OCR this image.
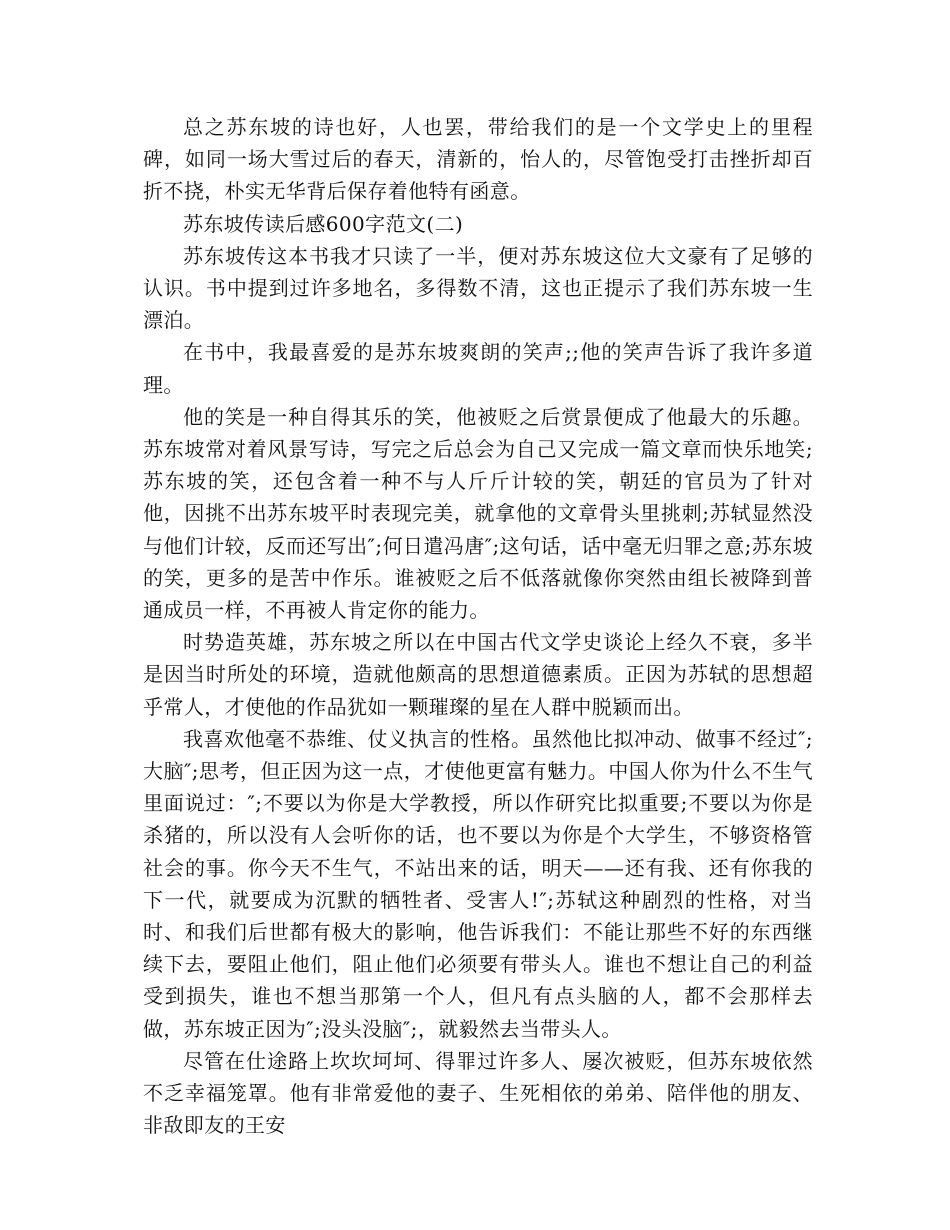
总之苏东坡的诗也好，人也罢，带给我们的是一个文学史上的里程碑，如同一场大雪过后的春天，清新的，怡人的，尽管饱受打击挫折却百折不挠，朴实无华背后保存着他特有函意。

苏东坡传读后感600字范文(二)

苏东坡传这本书我才只读了一半，便对苏东坡这位大文豪有了足够的认识。书中提到过许多地名，多得数不清，这也正提示了我们苏东坡一生漂泊。

在书中，我最喜爱的是苏东坡爽朗的笑声;;他的笑声告诉了我许多道理。

他的笑是一种自得其乐的笑，他被贬之后赏景便成了他最大的乐趣。苏东坡常对着风景写诗，写完之后总会为自己又完成一篇文章而快乐地笑;苏东坡的笑，还包含着一种不与人斤斤计较的笑，朝廷的官员为了针对他，因挑不出苏东坡平时表现完美，就拿他的文章骨头里挑刺;苏轼显然没与他们计较，反而还写出″;何日遣冯唐″;这句话，话中毫无归罪之意;苏东坡的笑，更多的是苦中作乐。谁被贬之后不低落就像你突然由组长被降到普通成员一样，不再被人肯定你的能力。

时势造英雄，苏东坡之所以在中国古代文学史谈论上经久不衰，多半是因当时所处的环境，造就他颇高的思想道德素质。正因为苏轼的思想超乎常人，才使他的作品犹如一颗璀璨的星在人群中脱颖而出。

我喜欢他毫不恭维、仗义执言的性格。虽然他比拟冲动、做事不经过″;大脑″;思考，但正因为这一点，才使他更富有魅力。中国人你为什么不生气里面说过：″;不要以为你是大学教授，所以作研究比拟重要;不要以为你是杀猪的，所以没有人会听你的话，也不要以为你是个大学生，不够资格管社会的事。你今天不生气，不站出来的话，明天——还有我、还有你我的下一代，就要成为沉默的牺牲者、受害人!″;苏轼这种剧烈的性格，对当时、和我们后世都有极大的影响，他告诉我们：不能让那些不好的东西继续下去，要阻止他们，阻止他们必须要有带头人。谁也不想让自己的利益受到损失，谁也不想当那第一个人，但凡有点头脑的人，都不会那样去做，苏东坡正因为″;没头没脑″;，就毅然去当带头人。

尽管在仕途路上坎坎坷坷、得罪过许多人、屡次被贬，但苏东坡依然不乏幸福笼罩。他有非常爱他的妻子、生死相依的弟弟、陪伴他的朋友、非敌即友的王安
